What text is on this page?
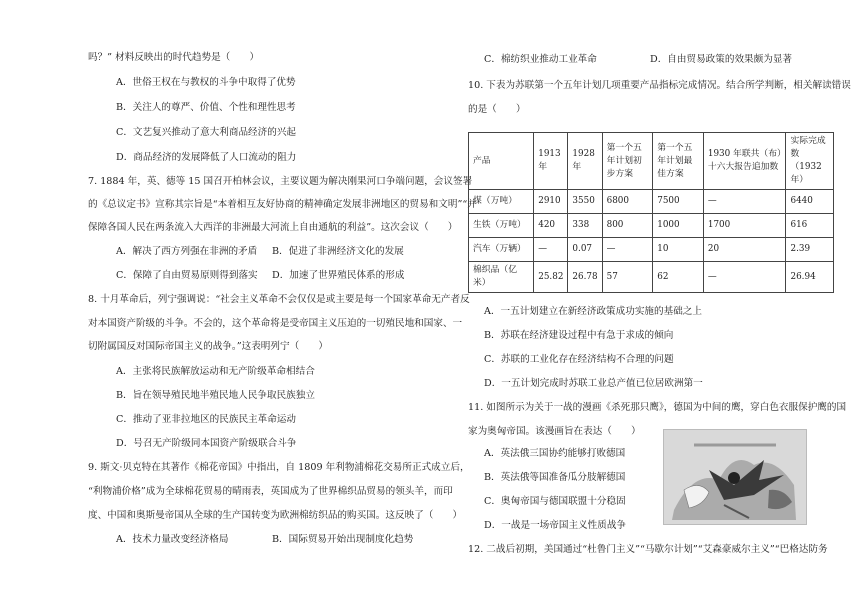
吗？” 材料反映出的时代趋势是（　　）
A．世俗王权在与教权的斗争中取得了优势
B．关注人的尊严、价值、个性和理性思考
C．文艺复兴推动了意大利商品经济的兴起
D．商品经济的发展降低了人口流动的阻力
7. 1884 年，英、德等 15 国召开柏林会议，主要议题为解决刚果河口争端问题，会议签署
的《总议定书》宣称其宗旨是“本着相互友好协商的精神确定发展非洲地区的贸易和文明”“并
保障各国人民在两条流入大西洋的非洲最大河流上自由通航的利益”。这次会议（　　）
A．解决了西方列强在非洲的矛盾 B．促进了非洲经济文化的发展
C．保障了自由贸易原则得到落实 D．加速了世界殖民体系的形成
8. 十月革命后，列宁强调说：“社会主义革命不会仅仅是或主要是每一个国家革命无产者反
对本国资产阶级的斗争。不会的，这个革命将是受帝国主义压迫的一切殖民地和国家、一
切附属国反对国际帝国主义的战争。”这表明列宁（　　）
A．主张将民族解放运动和无产阶级革命相结合
B．旨在领导殖民地半殖民地人民争取民族独立
C．推动了亚非拉地区的民族民主革命运动
D．号召无产阶级同本国资产阶级联合斗争
9. 斯文·贝克特在其著作《棉花帝国》中指出，自 1809 年利物浦棉花交易所正式成立后，
“利物浦价格”成为全球棉花贸易的晴雨表，英国成为了世界棉织品贸易的领头羊，而印
度、中国和奥斯曼帝国从全球的生产国转变为欧洲棉纺织品的购买国。这反映了（　　）
A．技术力量改变经济格局	B．国际贸易开始出现制度化趋势
C．棉纺织业推动工业革命	D．自由贸易政策的效果颇为显著
10. 下表为苏联第一个五年计划几项重要产品指标完成情况。结合所学判断，相关解读错误
的是（　　）
产品	1913 年	1928 年	第一个五年计划初步方案	第一个五年计划最佳方案	1930 年联共（布）十六大报告追加数	实际完成数（1932 年）
煤（万吨）	2910	3550	6800	7500	—	6440
生铁（万吨）	420	338	800	1000	1700	616
汽车（万辆）	—	0.07	—	10	20	2.39
棉织品（亿米）	25.82	26.78	57	62	—	26.94
A．一五计划建立在新经济政策成功实施的基础之上
B．苏联在经济建设过程中有急于求成的倾向
C．苏联的工业化存在经济结构不合理的问题
D．一五计划完成时苏联工业总产值已位居欧洲第一
11. 如图所示为关于一战的漫画《杀死那只鹰》，德国为中间的鹰，穿白色衣服保护鹰的国
家为奥匈帝国。该漫画旨在表达（　　）
A．英法俄三国协约能够打败德国
B．英法俄等国准备瓜分肢解德国
C．奥匈帝国与德国联盟十分稳固
D．一战是一场帝国主义性质战争
12. 二战后初期，美国通过“杜鲁门主义”“马歇尔计划”“艾森豪威尔主义”“巴格达防务
